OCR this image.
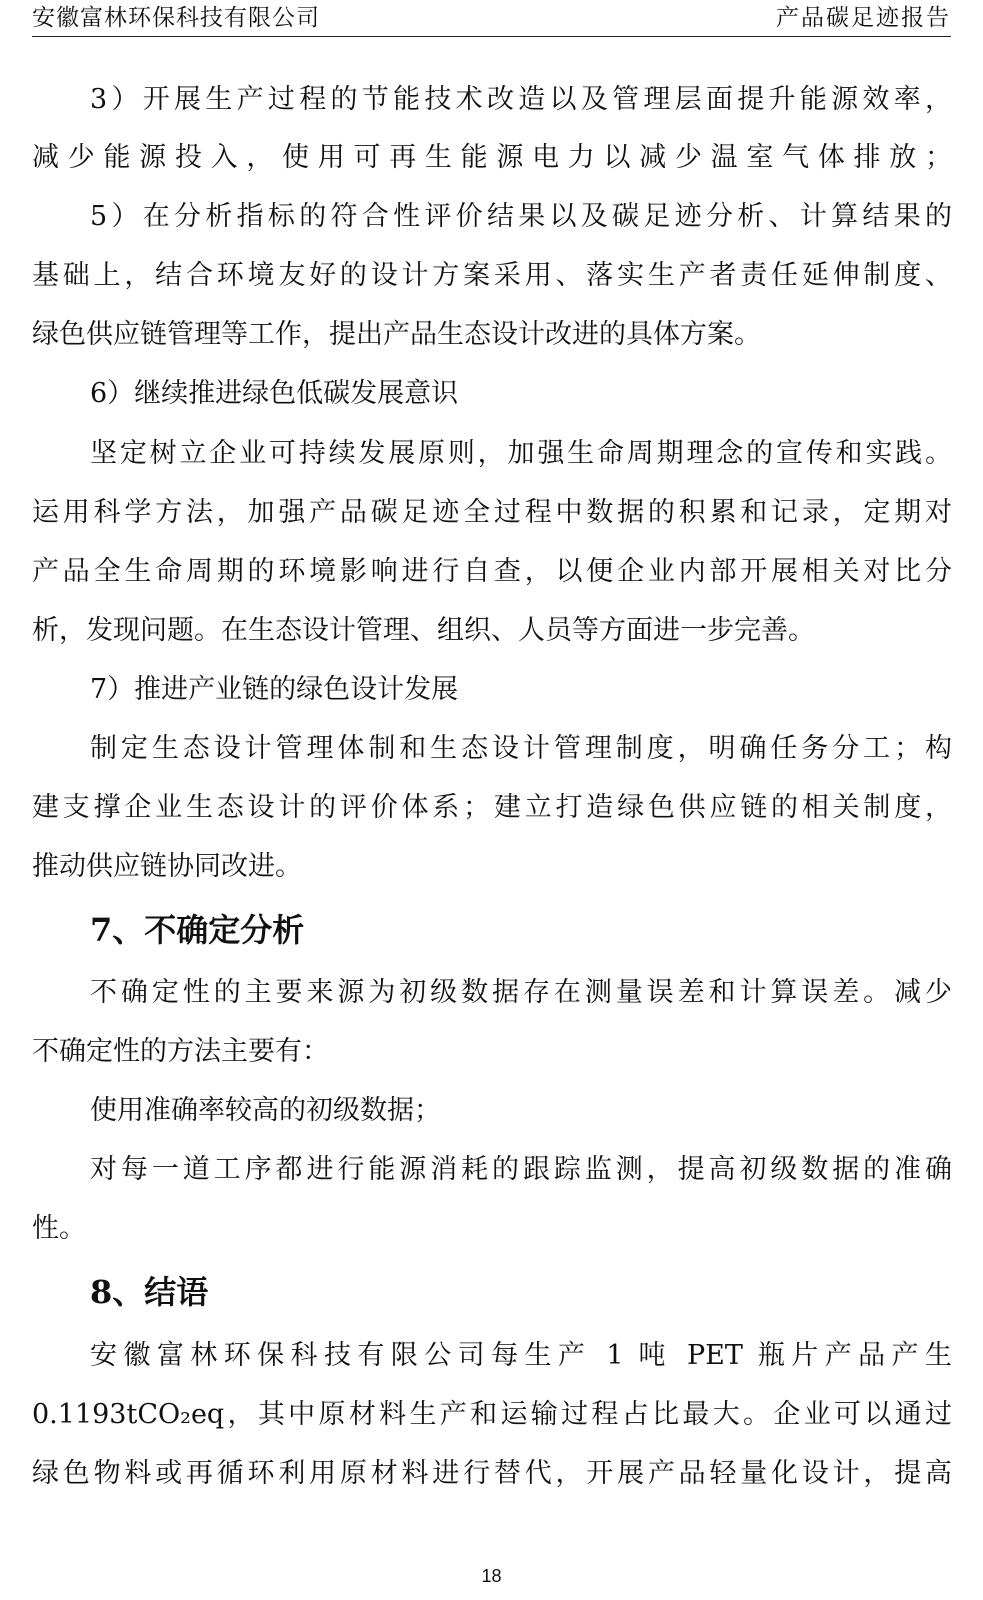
安徽富林环保科技有限公司	产品碳足迹报告
3）开展生产过程的节能技术改造以及管理层面提升能源效率，
减少能源投入，使用可再生能源电力以减少温室气体排放；
5）在分析指标的符合性评价结果以及碳足迹分析、计算结果的
基础上，结合环境友好的设计方案采用、落实生产者责任延伸制度、
绿色供应链管理等工作，提出产品生态设计改进的具体方案。
6）继续推进绿色低碳发展意识
坚定树立企业可持续发展原则，加强生命周期理念的宣传和实践。
运用科学方法，加强产品碳足迹全过程中数据的积累和记录，定期对
产品全生命周期的环境影响进行自查，以便企业内部开展相关对比分
析，发现问题。在生态设计管理、组织、人员等方面进一步完善。
7）推进产业链的绿色设计发展
制定生态设计管理体制和生态设计管理制度，明确任务分工；构
建支撑企业生态设计的评价体系；建立打造绿色供应链的相关制度，
推动供应链协同改进。
7、不确定分析
不确定性的主要来源为初级数据存在测量误差和计算误差。减少
不确定性的方法主要有：
使用准确率较高的初级数据；
对每一道工序都进行能源消耗的跟踪监测，提高初级数据的准确
性。
8、结语
安徽富林环保科技有限公司每生产 1 吨 PET 瓶片产品产生
0.1193tCO₂eq，其中原材料生产和运输过程占比最大。企业可以通过
绿色物料或再循环利用原材料进行替代，开展产品轻量化设计，提高
18
